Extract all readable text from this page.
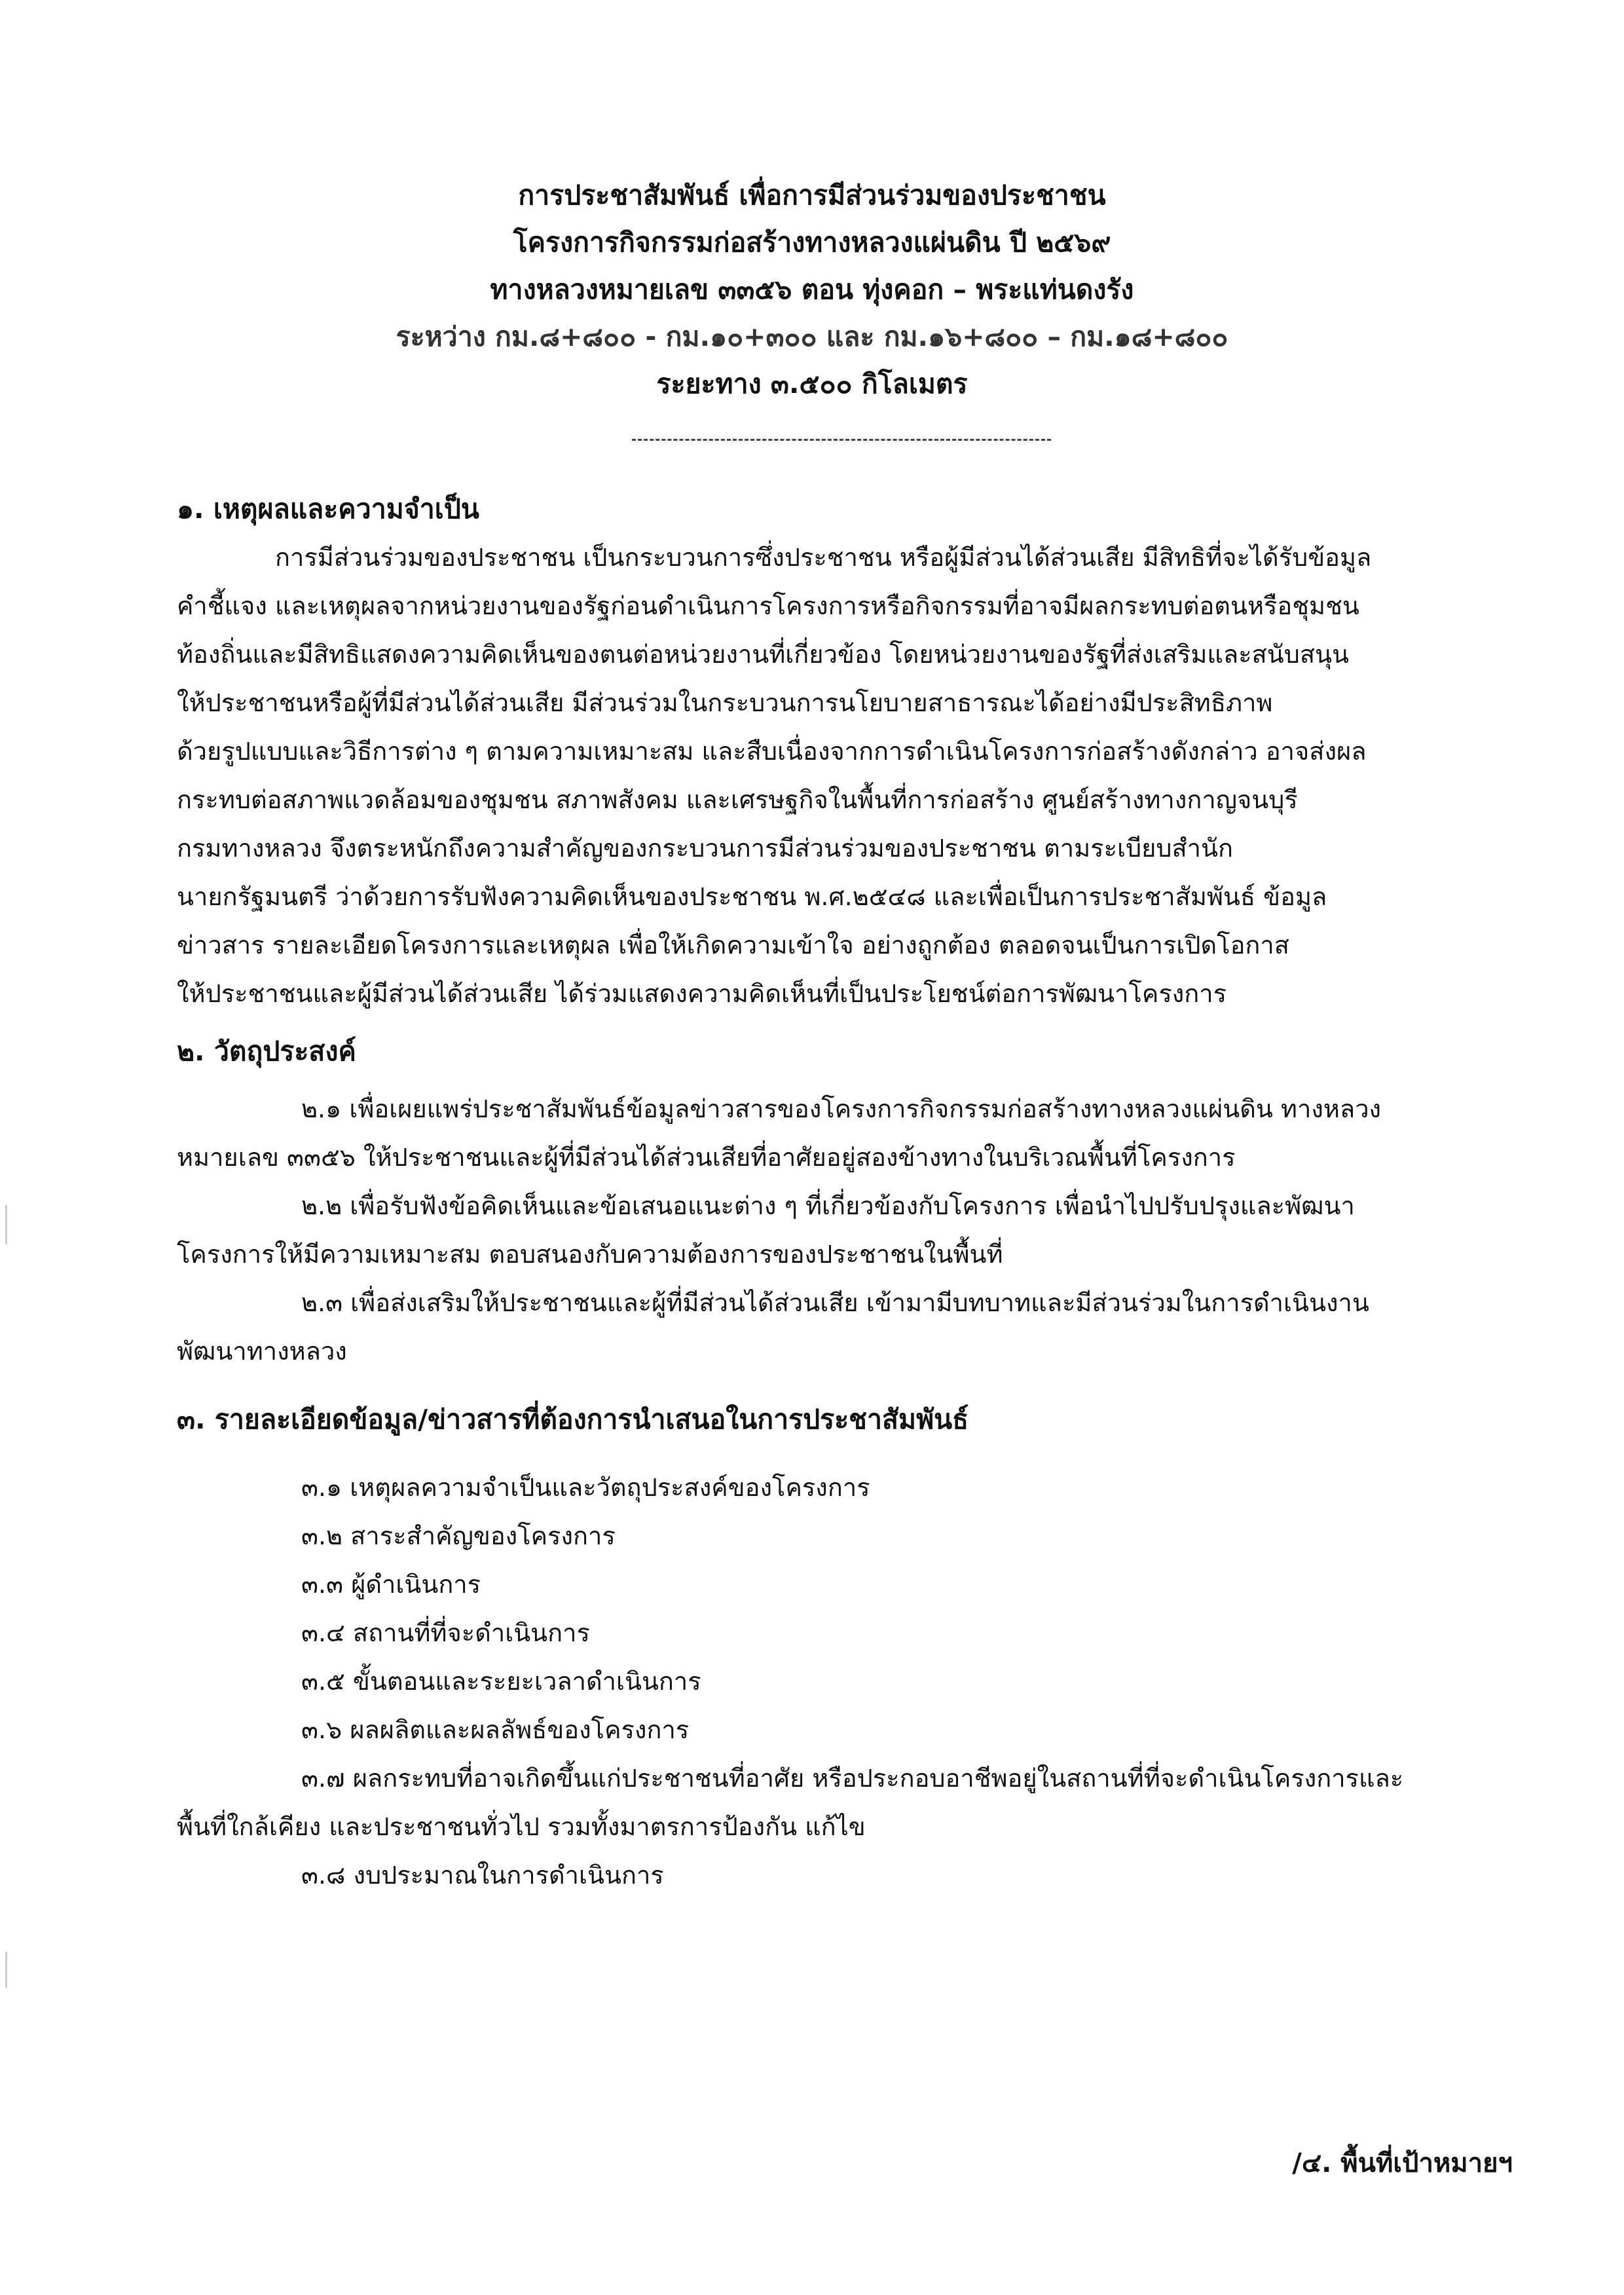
การประชาสัมพันธ์ เพื่อการมีส่วนร่วมของประชาชน
โครงการกิจกรรมก่อสร้างทางหลวงแผ่นดิน ปี ๒๕๖๙
ทางหลวงหมายเลข ๓๓๕๖ ตอน ทุ่งคอก – พระแท่นดงรัง
ระหว่าง กม.๘+๘๐๐ - กม.๑๐+๓๐๐ และ กม.๑๖+๘๐๐ – กม.๑๘+๘๐๐
ระยะทาง ๓.๕๐๐ กิโลเมตร
๑. เหตุผลและความจำเป็น
การมีส่วนร่วมของประชาชน เป็นกระบวนการซึ่งประชาชน หรือผู้มีส่วนได้ส่วนเสีย มีสิทธิที่จะได้รับข้อมูล
คำชี้แจง และเหตุผลจากหน่วยงานของรัฐก่อนดำเนินการโครงการหรือกิจกรรมที่อาจมีผลกระทบต่อตนหรือชุมชน
ท้องถิ่นและมีสิทธิแสดงความคิดเห็นของตนต่อหน่วยงานที่เกี่ยวข้อง โดยหน่วยงานของรัฐที่ส่งเสริมและสนับสนุน
ให้ประชาชนหรือผู้ที่มีส่วนได้ส่วนเสีย มีส่วนร่วมในกระบวนการนโยบายสาธารณะได้อย่างมีประสิทธิภาพ
ด้วยรูปแบบและวิธีการต่าง ๆ ตามความเหมาะสม และสืบเนื่องจากการดำเนินโครงการก่อสร้างดังกล่าว อาจส่งผล
กระทบต่อสภาพแวดล้อมของชุมชน สภาพสังคม และเศรษฐกิจในพื้นที่การก่อสร้าง ศูนย์สร้างทางกาญจนบุรี
กรมทางหลวง จึงตระหนักถึงความสำคัญของกระบวนการมีส่วนร่วมของประชาชน ตามระเบียบสำนัก
นายกรัฐมนตรี ว่าด้วยการรับฟังความคิดเห็นของประชาชน พ.ศ.๒๕๔๘ และเพื่อเป็นการประชาสัมพันธ์ ข้อมูล
ข่าวสาร รายละเอียดโครงการและเหตุผล เพื่อให้เกิดความเข้าใจ อย่างถูกต้อง ตลอดจนเป็นการเปิดโอกาส
ให้ประชาชนและผู้มีส่วนได้ส่วนเสีย ได้ร่วมแสดงความคิดเห็นที่เป็นประโยชน์ต่อการพัฒนาโครงการ
๒. วัตถุประสงค์
๒.๑ เพื่อเผยแพร่ประชาสัมพันธ์ข้อมูลข่าวสารของโครงการกิจกรรมก่อสร้างทางหลวงแผ่นดิน ทางหลวง
หมายเลข ๓๓๕๖ ให้ประชาชนและผู้ที่มีส่วนได้ส่วนเสียที่อาศัยอยู่สองข้างทางในบริเวณพื้นที่โครงการ
๒.๒ เพื่อรับฟังข้อคิดเห็นและข้อเสนอแนะต่าง ๆ ที่เกี่ยวข้องกับโครงการ เพื่อนำไปปรับปรุงและพัฒนา
โครงการให้มีความเหมาะสม ตอบสนองกับความต้องการของประชาชนในพื้นที่
๒.๓ เพื่อส่งเสริมให้ประชาชนและผู้ที่มีส่วนได้ส่วนเสีย เข้ามามีบทบาทและมีส่วนร่วมในการดำเนินงาน
พัฒนาทางหลวง
๓. รายละเอียดข้อมูล/ข่าวสารที่ต้องการนำเสนอในการประชาสัมพันธ์
๓.๑ เหตุผลความจำเป็นและวัตถุประสงค์ของโครงการ
๓.๒ สาระสำคัญของโครงการ
๓.๓ ผู้ดำเนินการ
๓.๔ สถานที่ที่จะดำเนินการ
๓.๕ ขั้นตอนและระยะเวลาดำเนินการ
๓.๖ ผลผลิตและผลลัพธ์ของโครงการ
๓.๗ ผลกระทบที่อาจเกิดขึ้นแก่ประชาชนที่อาศัย หรือประกอบอาชีพอยู่ในสถานที่ที่จะดำเนินโครงการและ
พื้นที่ใกล้เคียง และประชาชนทั่วไป รวมทั้งมาตรการป้องกัน แก้ไข
๓.๘ งบประมาณในการดำเนินการ
/๔. พื้นที่เป้าหมายฯ
